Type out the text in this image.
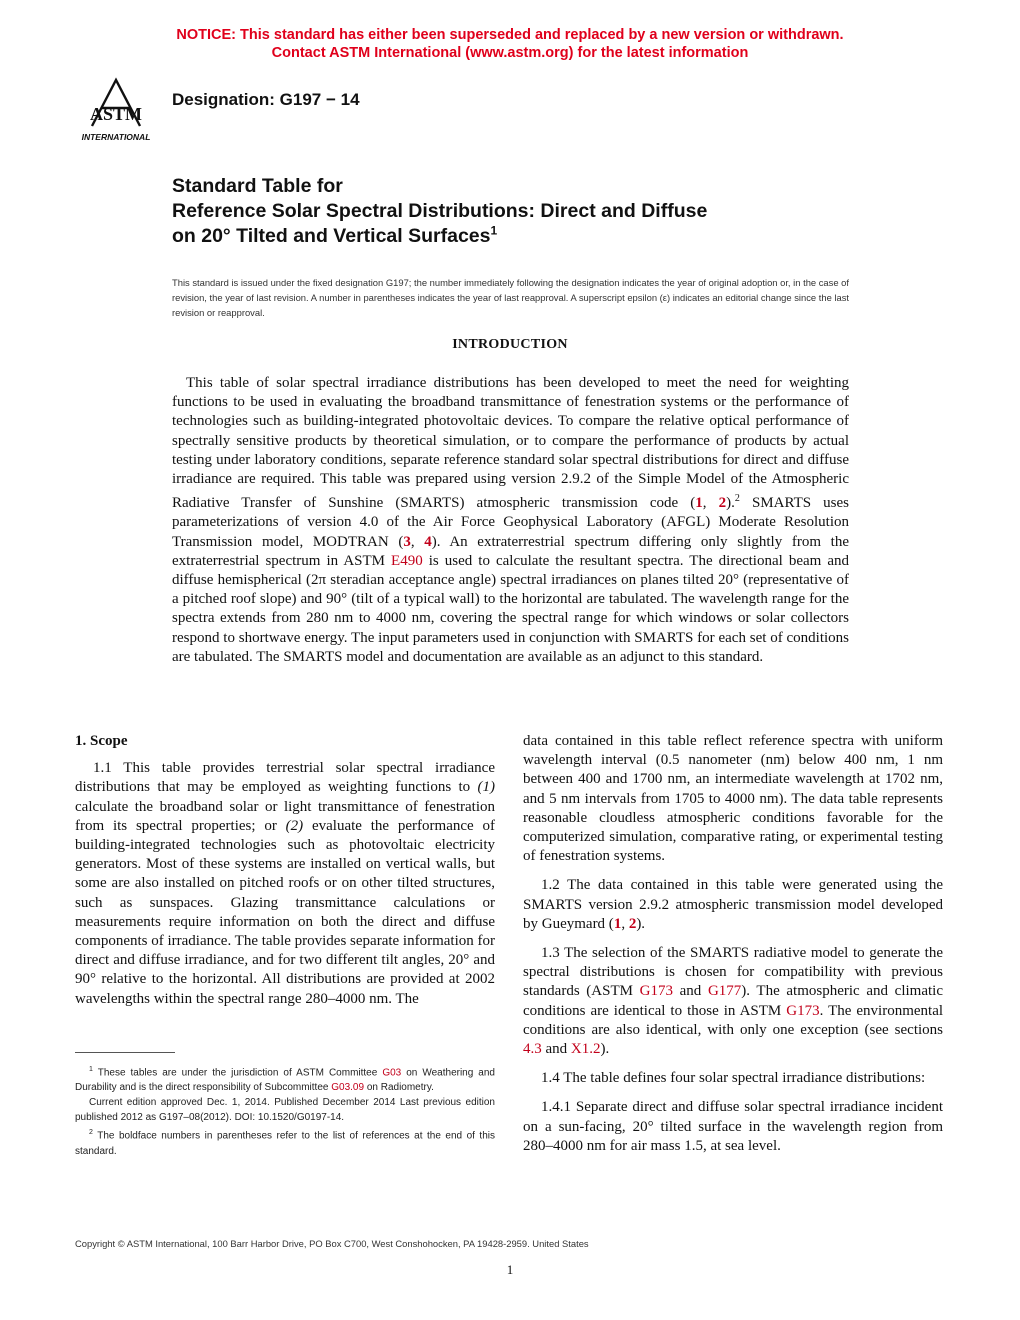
NOTICE: This standard has either been superseded and replaced by a new version or withdrawn.
Contact ASTM International (www.astm.org) for the latest information
ASTM
INTERNATIONAL
Designation: G197 − 14
Standard Table for
Reference Solar Spectral Distributions: Direct and Diffuse
on 20° Tilted and Vertical Surfaces$^1$
This standard is issued under the fixed designation G197; the number immediately following the designation indicates the year of original adoption or, in the case of revision, the year of last revision. A number in parentheses indicates the year of last reapproval. A superscript epsilon (ε) indicates an editorial change since the last revision or reapproval.
INTRODUCTION

This table of solar spectral irradiance distributions has been developed to meet the need for weighting functions to be used in evaluating the broadband transmittance of fenestration systems or the performance of technologies such as building-integrated photovoltaic devices. To compare the relative optical performance of spectrally sensitive products by theoretical simulation, or to compare the performance of products by actual testing under laboratory conditions, separate reference standard solar spectral distributions for direct and diffuse irradiance are required. This table was prepared using version 2.9.2 of the Simple Model of the Atmospheric Radiative Transfer of Sunshine (SMARTS) atmospheric transmission code (1, 2).$^2$ SMARTS uses parameterizations of version 4.0 of the Air Force Geophysical Laboratory (AFGL) Moderate Resolution Transmission model, MODTRAN (3, 4). An extraterrestrial spectrum differing only slightly from the extraterrestrial spectrum in ASTM E490 is used to calculate the resultant spectra. The directional beam and diffuse hemispherical (2π steradian acceptance angle) spectral irradiances on planes tilted 20° (representative of a pitched roof slope) and 90° (tilt of a typical wall) to the horizontal are tabulated. The wavelength range for the spectra extends from 280 nm to 4000 nm, covering the spectral range for which windows or solar collectors respond to shortwave energy. The input parameters used in conjunction with SMARTS for each set of conditions are tabulated. The SMARTS model and documentation are available as an adjunct to this standard.

1. Scope

1.1 This table provides terrestrial solar spectral irradiance distributions that may be employed as weighting functions to (1) calculate the broadband solar or light transmittance of fenestration from its spectral properties; or (2) evaluate the performance of building-integrated technologies such as photovoltaic electricity generators. Most of these systems are installed on vertical walls, but some are also installed on pitched roofs or on other tilted structures, such as sunspaces. Glazing transmittance calculations or measurements require information on both the direct and diffuse components of irradiance. The table provides separate information for direct and diffuse irradiance, and for two different tilt angles, 20° and 90° relative to the horizontal. All distributions are provided at 2002 wavelengths within the spectral range 280–4000 nm. The

$^1$ These tables are under the jurisdiction of ASTM Committee G03 on Weathering and Durability and is the direct responsibility of Subcommittee G03.09 on Radiometry.

Current edition approved Dec. 1, 2014. Published December 2014 Last previous edition published 2012 as G197–08(2012). DOI: 10.1520/G0197-14.

$^2$ The boldface numbers in parentheses refer to the list of references at the end of this standard.

data contained in this table reflect reference spectra with uniform wavelength interval (0.5 nanometer (nm) below 400 nm, 1 nm between 400 and 1700 nm, an intermediate wavelength at 1702 nm, and 5 nm intervals from 1705 to 4000 nm). The data table represents reasonable cloudless atmospheric conditions favorable for the computerized simulation, comparative rating, or experimental testing of fenestration systems.

1.2 The data contained in this table were generated using the SMARTS version 2.9.2 atmospheric transmission model developed by Gueymard (1, 2).

1.3 The selection of the SMARTS radiative model to generate the spectral distributions is chosen for compatibility with previous standards (ASTM G173 and G177). The atmospheric and climatic conditions are identical to those in ASTM G173. The environmental conditions are also identical, with only one exception (see sections 4.3 and X1.2).

1.4 The table defines four solar spectral irradiance distributions:

1.4.1 Separate direct and diffuse solar spectral irradiance incident on a sun-facing, 20° tilted surface in the wavelength region from 280–4000 nm for air mass 1.5, at sea level.

Copyright © ASTM International, 100 Barr Harbor Drive, PO Box C700, West Conshohocken, PA 19428-2959. United States
1
